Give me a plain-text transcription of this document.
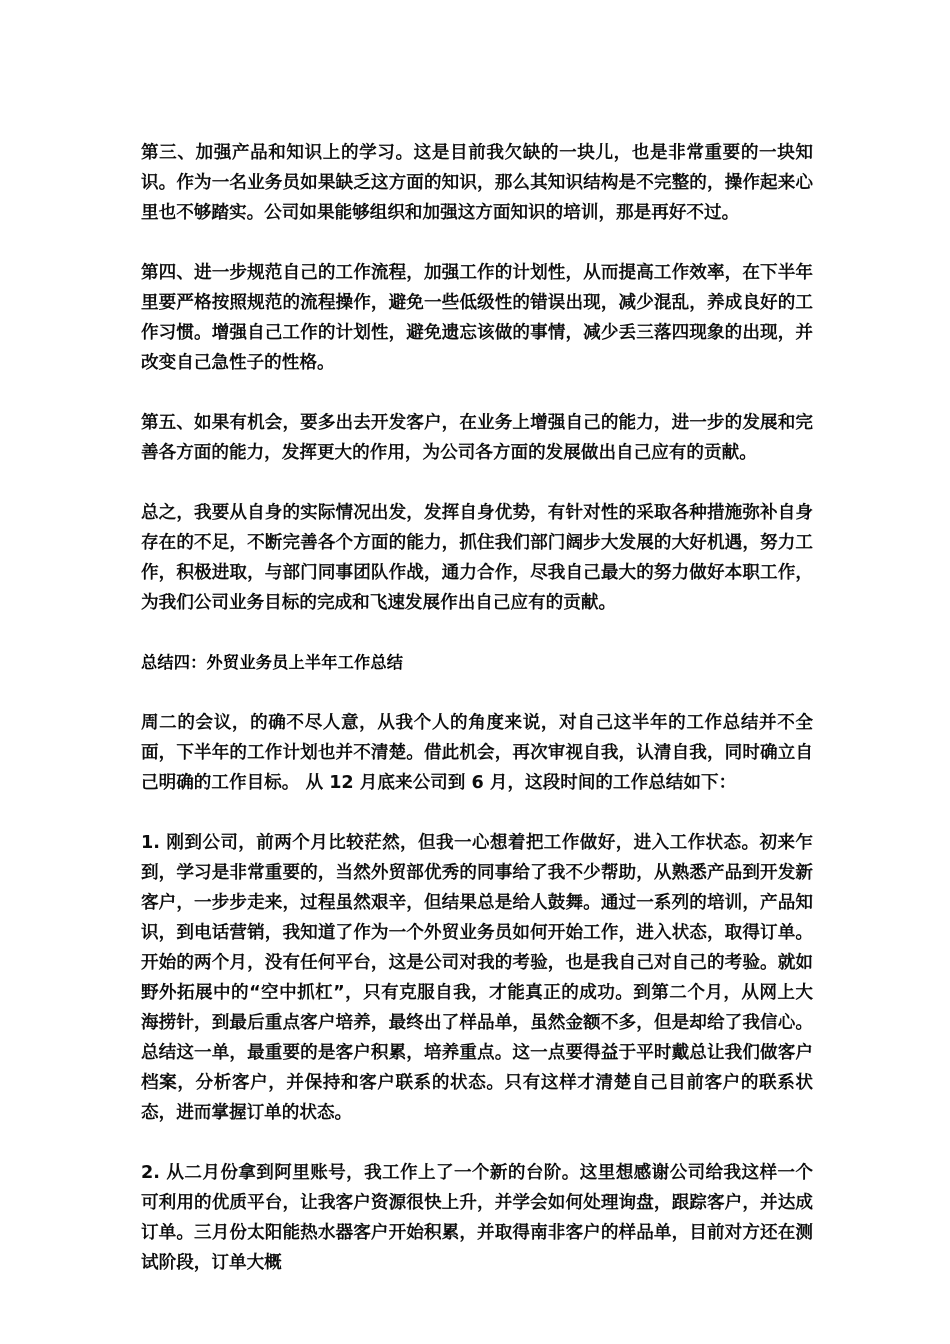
第三、加强产品和知识上的学习。这是目前我欠缺的一块儿，也是非常重要的一块知识。作为一名业务员如果缺乏这方面的知识，那么其知识结构是不完整的，操作起来心里也不够踏实。公司如果能够组织和加强这方面知识的培训，那是再好不过。

第四、进一步规范自己的工作流程，加强工作的计划性，从而提高工作效率，在下半年里要严格按照规范的流程操作，避免一些低级性的错误出现，减少混乱，养成良好的工作习惯。增强自己工作的计划性，避免遗忘该做的事情，减少丢三落四现象的出现，并改变自己急性子的性格。

第五、如果有机会，要多出去开发客户，在业务上增强自己的能力，进一步的发展和完善各方面的能力，发挥更大的作用，为公司各方面的发展做出自己应有的贡献。

总之，我要从自身的实际情况出发，发挥自身优势，有针对性的采取各种措施弥补自身存在的不足，不断完善各个方面的能力，抓住我们部门阔步大发展的大好机遇，努力工作，积极进取，与部门同事团队作战，通力合作，尽我自己最大的努力做好本职工作，为我们公司业务目标的完成和飞速发展作出自己应有的贡献。

总结四：外贸业务员上半年工作总结

周二的会议，的确不尽人意，从我个人的角度来说，对自己这半年的工作总结并不全面，下半年的工作计划也并不清楚。借此机会，再次审视自我，认清自我，同时确立自己明确的工作目标。 从 12 月底来公司到 6 月，这段时间的工作总结如下：

1. 刚到公司，前两个月比较茫然，但我一心想着把工作做好，进入工作状态。初来乍到，学习是非常重要的，当然外贸部优秀的同事给了我不少帮助，从熟悉产品到开发新客户，一步步走来，过程虽然艰辛，但结果总是给人鼓舞。通过一系列的培训，产品知识，到电话营销，我知道了作为一个外贸业务员如何开始工作，进入状态，取得订单。开始的两个月，没有任何平台，这是公司对我的考验，也是我自己对自己的考验。就如野外拓展中的“空中抓杠”，只有克服自我，才能真正的成功。到第二个月，从网上大海捞针，到最后重点客户培养，最终出了样品单，虽然金额不多，但是却给了我信心。总结这一单，最重要的是客户积累，培养重点。这一点要得益于平时戴总让我们做客户档案，分析客户，并保持和客户联系的状态。只有这样才清楚自己目前客户的联系状态，进而掌握订单的状态。

2. 从二月份拿到阿里账号，我工作上了一个新的台阶。这里想感谢公司给我这样一个可利用的优质平台，让我客户资源很快上升，并学会如何处理询盘，跟踪客户，并达成订单。三月份太阳能热水器客户开始积累，并取得南非客户的样品单，目前对方还在测试阶段，订单大概
